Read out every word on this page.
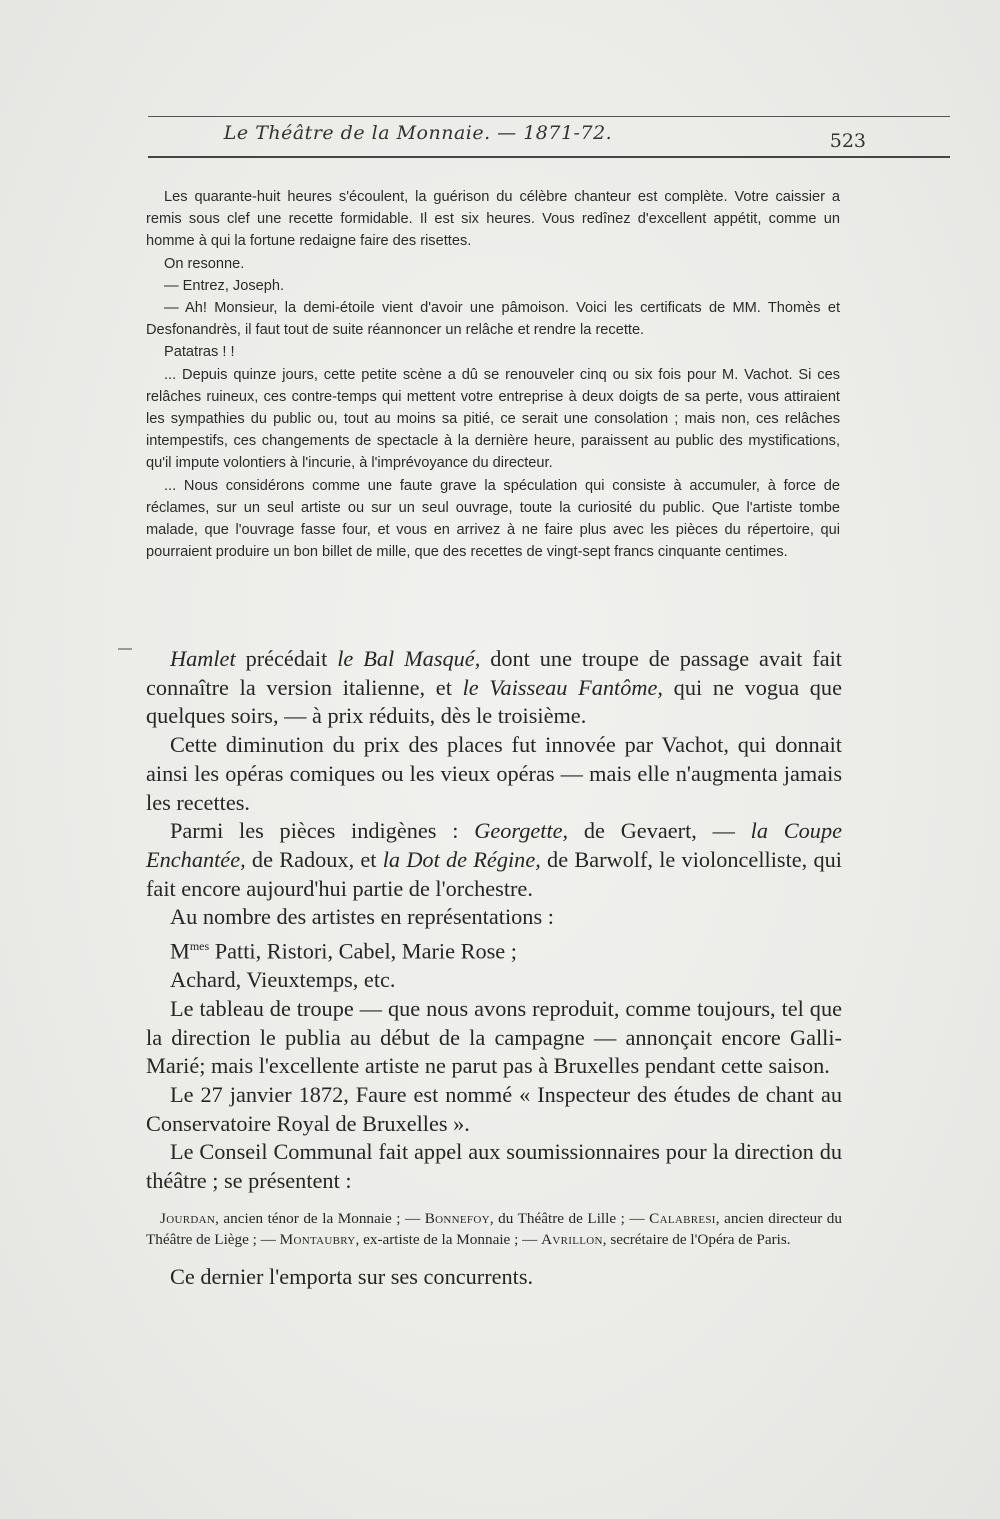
Le Théâtre de la Monnaie. — 1871-72.	523

Les quarante-huit heures s'écoulent, la guérison du célèbre chanteur est complète. Votre caissier a remis sous clef une recette formidable. Il est six heures. Vous redînez d'excellent appétit, comme un homme à qui la fortune redaigne faire des risettes.

On resonne.

— Entrez, Joseph.

— Ah! Monsieur, la demi-étoile vient d'avoir une pâmoison. Voici les certificats de MM. Thomès et Desfonandrès, il faut tout de suite réannoncer un relâche et rendre la recette.

Patatras ! !

... Depuis quinze jours, cette petite scène a dû se renouveler cinq ou six fois pour M. Vachot. Si ces relâches ruineux, ces contre-temps qui mettent votre entreprise à deux doigts de sa perte, vous attiraient les sympathies du public ou, tout au moins sa pitié, ce serait une consolation ; mais non, ces relâches intempestifs, ces changements de spectacle à la dernière heure, paraissent au public des mystifications, qu'il impute volontiers à l'incurie, à l'imprévoyance du directeur.

... Nous considérons comme une faute grave la spéculation qui consiste à accumuler, à force de réclames, sur un seul artiste ou sur un seul ouvrage, toute la curiosité du public. Que l'artiste tombe malade, que l'ouvrage fasse four, et vous en arrivez à ne faire plus avec les pièces du répertoire, qui pourraient produire un bon billet de mille, que des recettes de vingt-sept francs cinquante centimes.

Hamlet précédait le Bal Masqué, dont une troupe de passage avait fait connaître la version italienne, et le Vaisseau Fantôme, qui ne vogua que quelques soirs, — à prix réduits, dès le troisième.

Cette diminution du prix des places fut innovée par Vachot, qui donnait ainsi les opéras comiques ou les vieux opéras — mais elle n'augmenta jamais les recettes.

Parmi les pièces indigènes : Georgette, de Gevaert, — la Coupe Enchantée, de Radoux, et la Dot de Régine, de Barwolf, le violoncelliste, qui fait encore aujourd'hui partie de l'orchestre.

Au nombre des artistes en représentations :

$M^{mes}$ Patti, Ristori, Cabel, Marie Rose ;

Achard, Vieuxtemps, etc.

Le tableau de troupe — que nous avons reproduit, comme toujours, tel que la direction le publia au début de la campagne — annonçait encore Galli-Marié; mais l'excellente artiste ne parut pas à Bruxelles pendant cette saison.

Le 27 janvier 1872, Faure est nommé « Inspecteur des études de chant au Conservatoire Royal de Bruxelles ».

Le Conseil Communal fait appel aux soumissionnaires pour la direction du théâtre ; se présentent :

Jourdan, ancien ténor de la Monnaie ; — Bonnefoy, du Théâtre de Lille ; — Calabresi, ancien directeur du Théâtre de Liège ; — Montaubry, ex-artiste de la Monnaie ; — Avrillon, secrétaire de l'Opéra de Paris.

Ce dernier l'emporta sur ses concurrents.
